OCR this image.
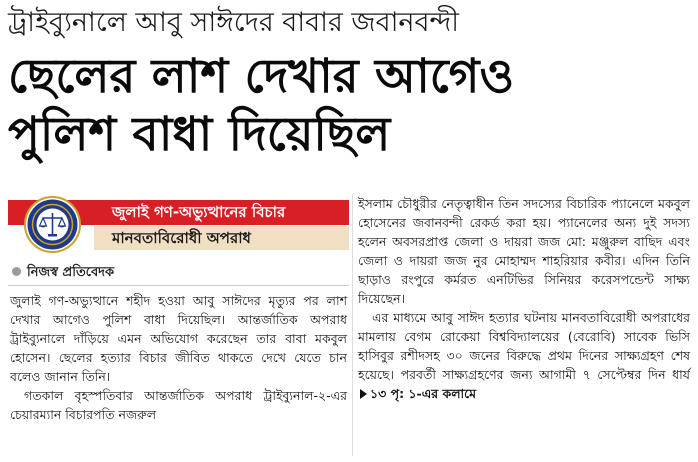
ট্রাইব্যুনালে আবু সাঈদের বাবার জবানবন্দী
ছেলের লাশ দেখার আগেও
পুলিশ বাধা দিয়েছিল
জুলাই গণ-অভ্যুত্থানের বিচার
মানবতাবিরোধী অপরাধ
নিজস্ব প্রতিবেদক

জুলাই গণ-অভ্যুত্থানে শহীদ হওয়া আবু সাঈদের মৃত্যুর পর লাশ দেখার আগেও পুলিশ বাধা দিয়েছিল। আন্তর্জাতিক অপরাধ ট্রাইব্যুনালে দাঁড়িয়ে এমন অভিযোগ করেছেন তার বাবা মকবুল হোসেন। ছেলের হত্যার বিচার জীবিত থাকতে দেখে যেতে চান বলেও জানান তিনি।

গতকাল বৃহস্পতিবার আন্তর্জাতিক অপরাধ ট্রাইব্যুনাল-২-এর চেয়ারম্যান বিচারপতি নজরুল

ইসলাম চৌধুরীর নেতৃত্বাধীন তিন সদস্যের বিচারিক প্যানেলে মকবুল হোসেনের জবানবন্দী রেকর্ড করা হয়। প্যানেলের অন্য দুই সদস্য হলেন অবসরপ্রাপ্ত জেলা ও দায়রা জজ মো: মঞ্জুরুল বাছিদ এবং জেলা ও দায়রা জজ নুর মোহাম্মদ শাহরিয়ার কবীর। এদিন তিনি ছাড়াও রংপুরে কর্মরত এনটিভির সিনিয়র করেসপন্ডেন্ট সাক্ষ্য দিয়েছেন।

এর মাধ্যমে আবু সাঈদ হত্যার ঘটনায় মানবতাবিরোধী অপরাধের মামলায় বেগম রোকেয়া বিশ্ববিদ্যালয়ের (বেরোবি) সাবেক ভিসি হাসিবুর রশীদসহ ৩০ জনের বিরুদ্ধে প্রথম দিনের সাক্ষ্যগ্রহণ শেষ হয়েছে। পরবর্তী সাক্ষ্যগ্রহণের জন্য আগামী ৭ সেপ্টেম্বর দিন ধার্য ১৩ পৃ: ১-এর কলামে
